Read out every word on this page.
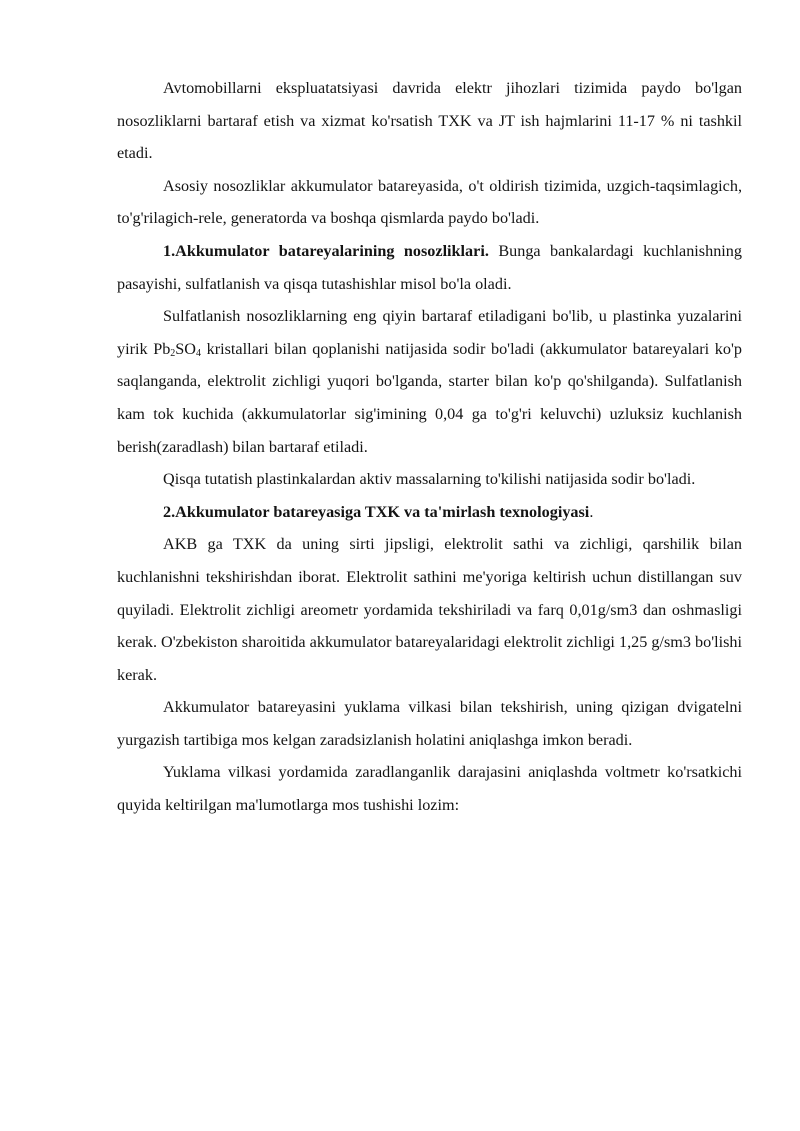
Avtomobillarni ekspluatatsiyasi davrida elektr jihozlari tizimida paydo bo'lgan nosozliklarni bartaraf etish va xizmat ko'rsatish TXK va JT ish hajmlarini 11-17 % ni tashkil etadi.

Asosiy nosozliklar akkumulator batareyasida, o't oldirish tizimida, uzgich-taqsimlagich, to'g'rilagich-rele, generatorda va boshqa qismlarda paydo bo'ladi.

1.Akkumulator batareyalarining nosozliklari. Bunga bankalardagi kuchlanishning pasayishi, sulfatlanish va qisqa tutashishlar misol bo'la oladi.

Sulfatlanish nosozliklarning eng qiyin bartaraf etiladigani bo'lib, u plastinka yuzalarini yirik $Pb_2SO_4$ kristallari bilan qoplanishi natijasida sodir bo'ladi (akkumulator batareyalari ko'p saqlanganda, elektrolit zichligi yuqori bo'lganda, starter bilan ko'p qo'shilganda). Sulfatlanish kam tok kuchida (akkumulatorlar sig'imining 0,04 ga to'g'ri keluvchi) uzluksiz kuchlanish berish(zaradlash) bilan bartaraf etiladi.

Qisqa tutatish plastinkalardan aktiv massalarning to'kilishi natijasida sodir bo'ladi.

2.Akkumulator batareyasiga TXK va ta'mirlash texnologiyasi.

AKB ga TXK da uning sirti jipsligi, elektrolit sathi va zichligi, qarshilik bilan kuchlanishni tekshirishdan iborat. Elektrolit sathini me'yoriga keltirish uchun distillangan suv quyiladi. Elektrolit zichligi areometr yordamida tekshiriladi va farq 0,01g/sm3 dan oshmasligi kerak. O'zbekiston sharoitida akkumulator batareyalaridagi elektrolit zichligi 1,25 g/sm3 bo'lishi kerak.

Akkumulator batareyasini yuklama vilkasi bilan tekshirish, uning qizigan dvigatelni yurgazish tartibiga mos kelgan zaradsizlanish holatini aniqlashga imkon beradi.

Yuklama vilkasi yordamida zaradlanganlik darajasini aniqlashda voltmetr ko'rsatkichi quyida keltirilgan ma'lumotlarga mos tushishi lozim:
